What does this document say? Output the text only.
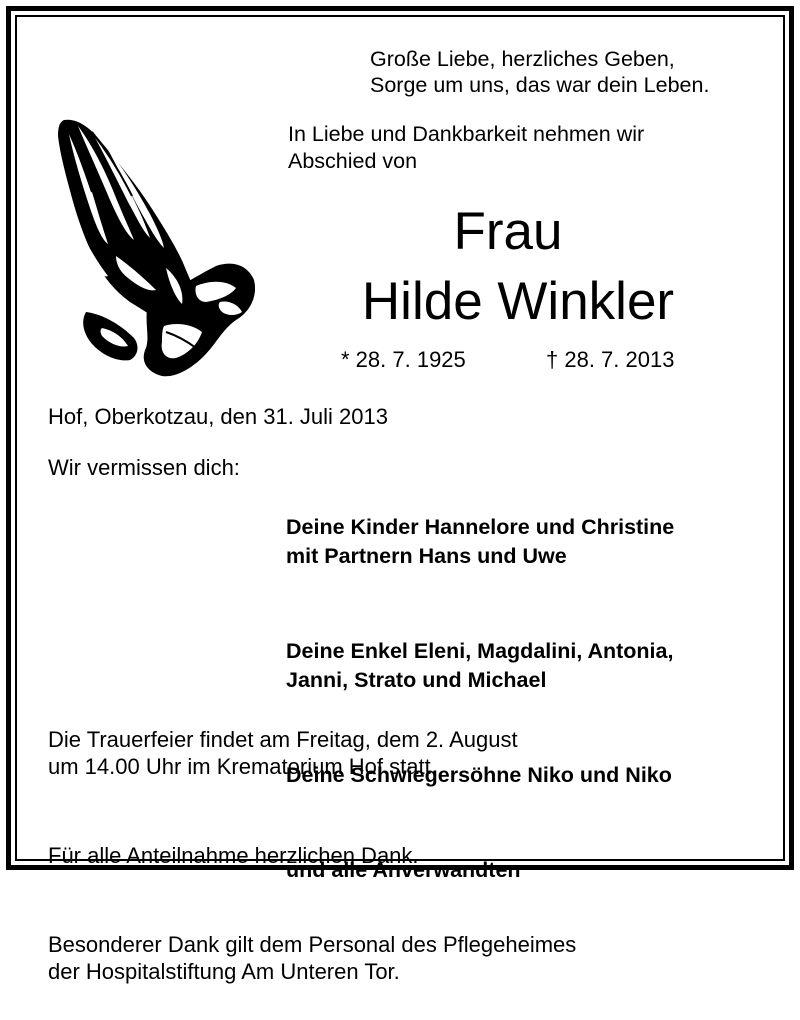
Große Liebe, herzliches Geben,
Sorge um uns, das war dein Leben.
In Liebe und Dankbarkeit nehmen wir
Abschied von
Frau
Hilde Winkler
* 28. 7. 1925	† 28. 7. 2013
Hof, Oberkotzau, den 31. Juli 2013
Wir vermissen dich:

Deine Kinder Hannelore und Christine
mit Partnern Hans und Uwe

Deine Enkel Eleni, Magdalini, Antonia,
Janni, Strato und Michael

Deine Schwiegersöhne Niko und Niko

und alle Anverwandten

Die Trauerfeier findet am Freitag, dem 2. August
um 14.00 Uhr im Krematorium Hof statt.

Für alle Anteilnahme herzlichen Dank.

Besonderer Dank gilt dem Personal des Pflegeheimes
der Hospitalstiftung Am Unteren Tor.
